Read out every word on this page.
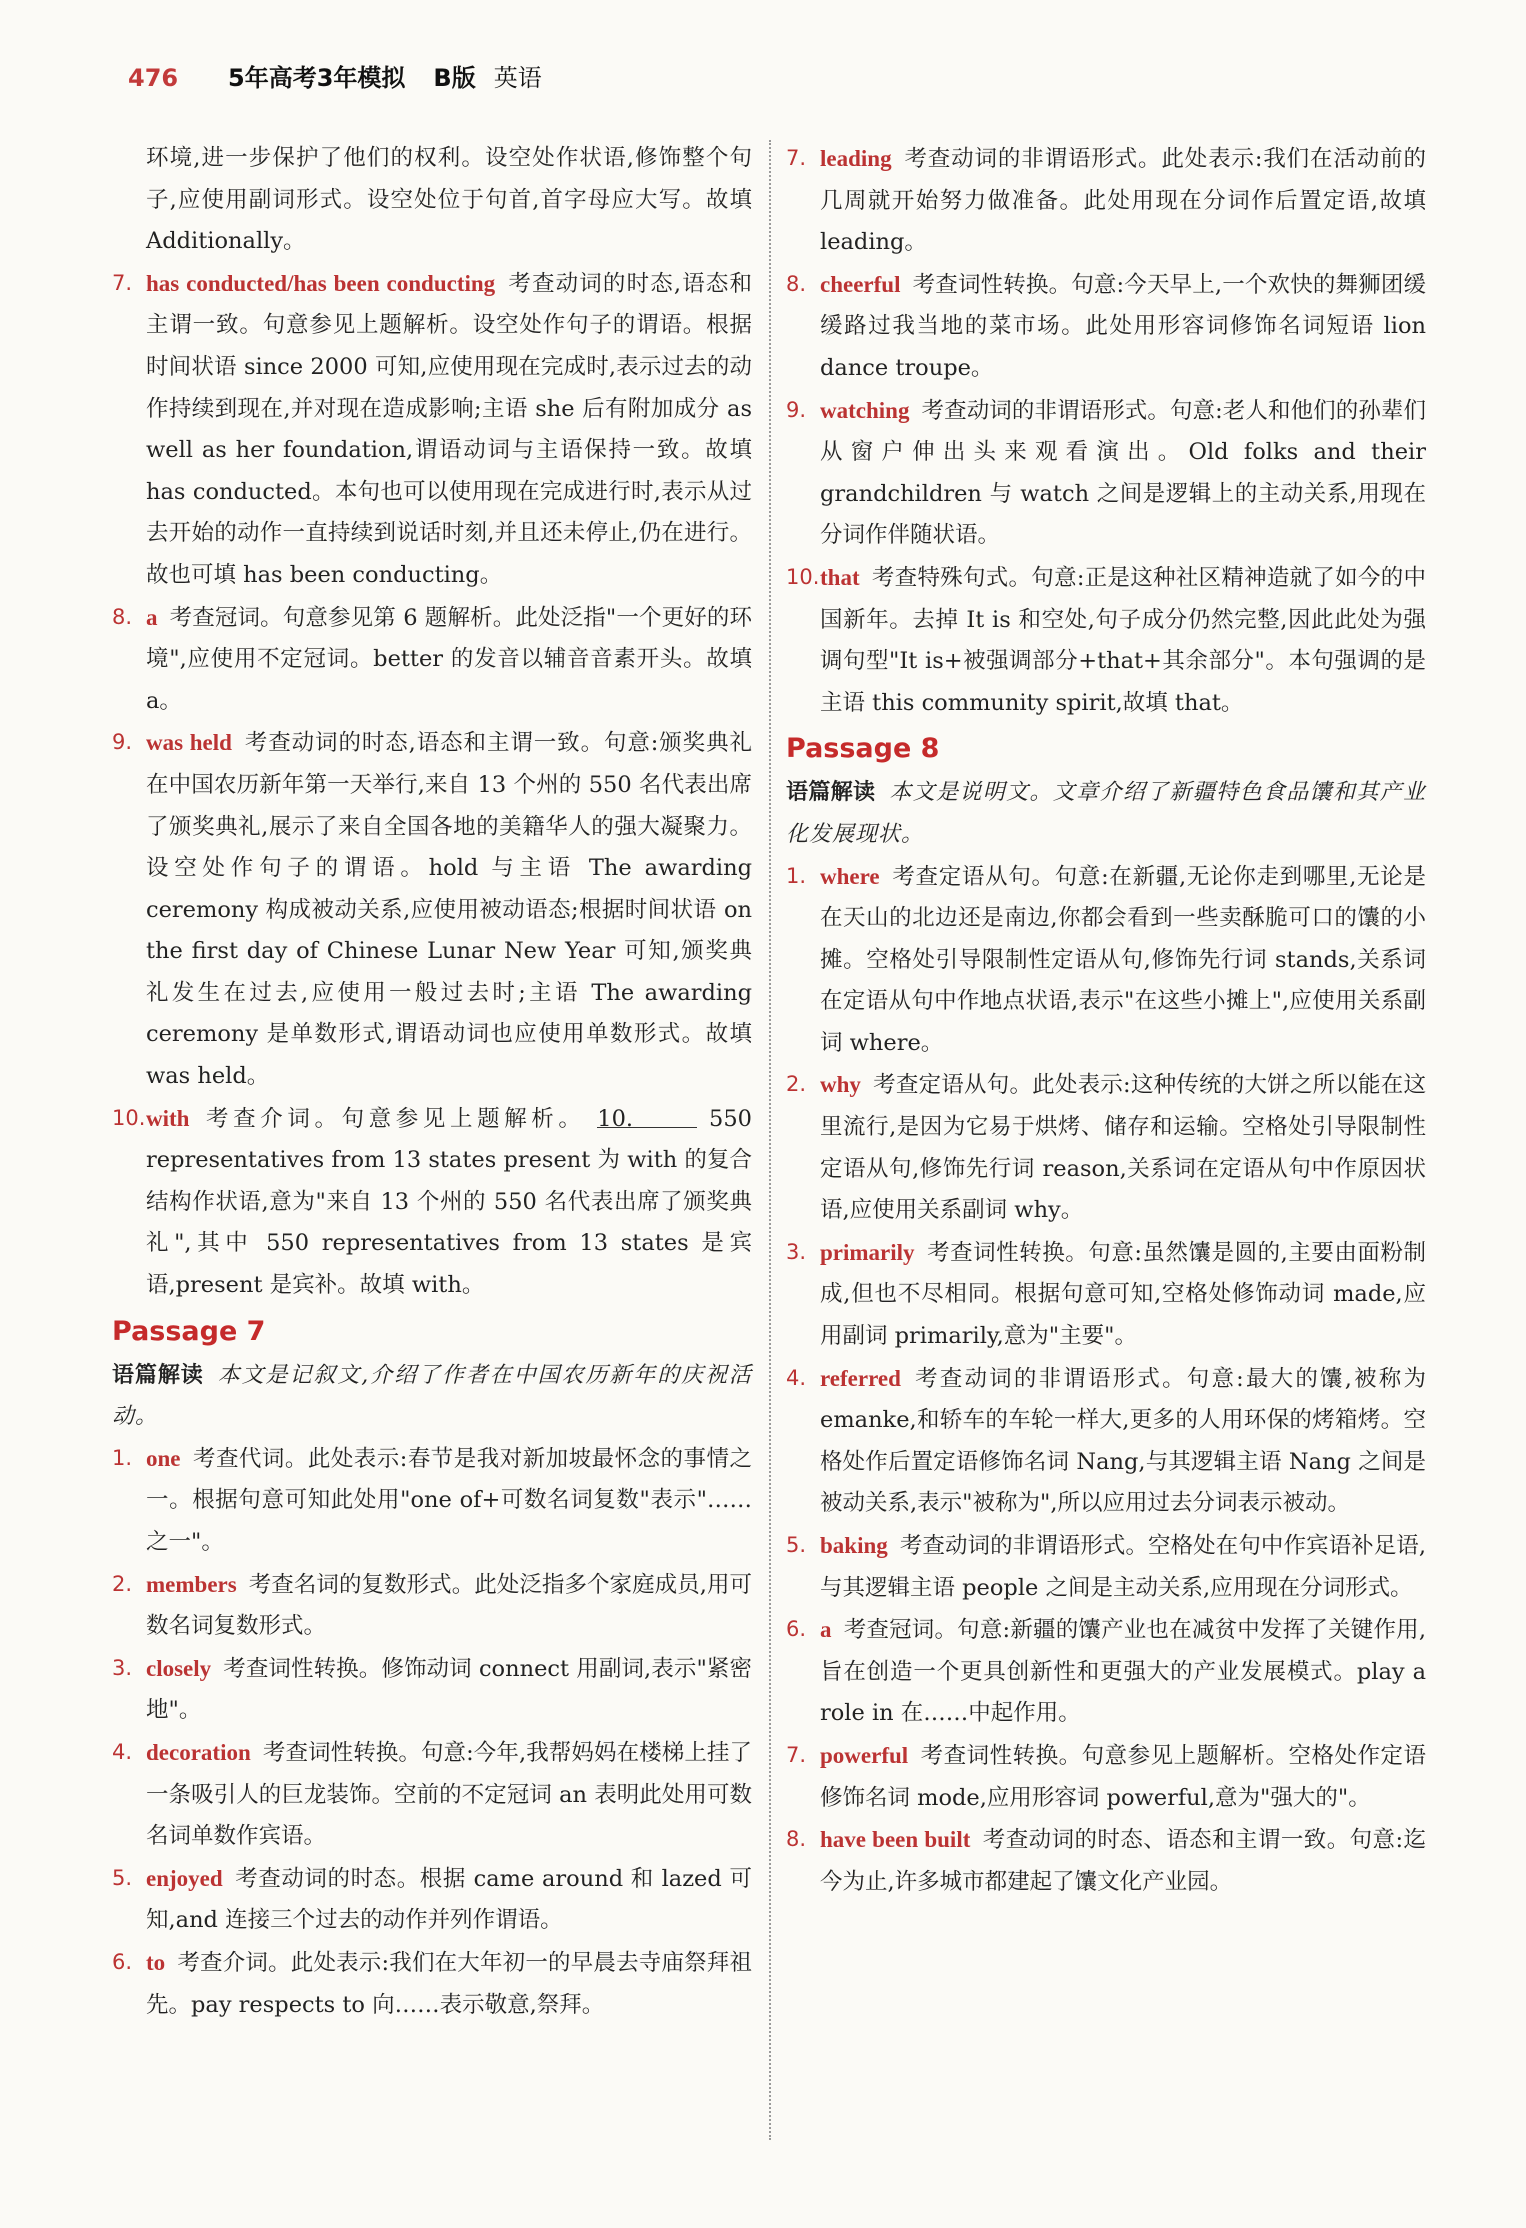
476	5年高考3年模拟 B版 英语
环境,进一步保护了他们的权利。设空处作状语,修饰整个句子,应使用副词形式。设空处位于句首,首字母应大写。故填 Additionally。
7. has conducted/has been conducting 考查动词的时态,语态和主谓一致。句意参见上题解析。设空处作句子的谓语。根据时间状语 since 2000 可知,应使用现在完成时,表示过去的动作持续到现在,并对现在造成影响;主语 she 后有附加成分 as well as her foundation,谓语动词与主语保持一致。故填 has conducted。本句也可以使用现在完成进行时,表示从过去开始的动作一直持续到说话时刻,并且还未停止,仍在进行。故也可填 has been conducting。
8. a 考查冠词。句意参见第 6 题解析。此处泛指"一个更好的环境",应使用不定冠词。better 的发音以辅音音素开头。故填 a。
9. was held 考查动词的时态,语态和主谓一致。句意:颁奖典礼在中国农历新年第一天举行,来自 13 个州的 550 名代表出席了颁奖典礼,展示了来自全国各地的美籍华人的强大凝聚力。设空处作句子的谓语。hold 与主语 The awarding ceremony 构成被动关系,应使用被动语态;根据时间状语 on the first day of Chinese Lunar New Year 可知,颁奖典礼发生在过去,应使用一般过去时;主语 The awarding ceremony 是单数形式,谓语动词也应使用单数形式。故填 was held。
10. with 考查介词。句意参见上题解析。 10.	550 representatives from 13 states present 为 with 的复合结构作状语,意为"来自 13 个州的 550 名代表出席了颁奖典礼",其中 550 representatives from 13 states 是宾语,present 是宾补。故填 with。
Passage 7
语篇解读 本文是记叙文,介绍了作者在中国农历新年的庆祝活动。
1. one 考查代词。此处表示:春节是我对新加坡最怀念的事情之一。根据句意可知此处用"one of+可数名词复数"表示"……之一"。
2. members 考查名词的复数形式。此处泛指多个家庭成员,用可数名词复数形式。
3. closely 考查词性转换。修饰动词 connect 用副词,表示"紧密地"。
4. decoration 考查词性转换。句意:今年,我帮妈妈在楼梯上挂了一条吸引人的巨龙装饰。空前的不定冠词 an 表明此处用可数名词单数作宾语。
5. enjoyed 考查动词的时态。根据 came around 和 lazed 可知,and 连接三个过去的动作并列作谓语。
6. to 考查介词。此处表示:我们在大年初一的早晨去寺庙祭拜祖先。pay respects to 向……表示敬意,祭拜。
7. leading 考查动词的非谓语形式。此处表示:我们在活动前的几周就开始努力做准备。此处用现在分词作后置定语,故填 leading。
8. cheerful 考查词性转换。句意:今天早上,一个欢快的舞狮团缓缓路过我当地的菜市场。此处用形容词修饰名词短语 lion dance troupe。
9. watching 考查动词的非谓语形式。句意:老人和他们的孙辈们从窗户伸出头来观看演出。Old folks and their grandchildren 与 watch 之间是逻辑上的主动关系,用现在分词作伴随状语。
10. that 考查特殊句式。句意:正是这种社区精神造就了如今的中国新年。去掉 It is 和空处,句子成分仍然完整,因此此处为强调句型"It is+被强调部分+that+其余部分"。本句强调的是主语 this community spirit,故填 that。
Passage 8
语篇解读 本文是说明文。文章介绍了新疆特色食品馕和其产业化发展现状。
1. where 考查定语从句。句意:在新疆,无论你走到哪里,无论是在天山的北边还是南边,你都会看到一些卖酥脆可口的馕的小摊。空格处引导限制性定语从句,修饰先行词 stands,关系词在定语从句中作地点状语,表示"在这些小摊上",应使用关系副词 where。
2. why 考查定语从句。此处表示:这种传统的大饼之所以能在这里流行,是因为它易于烘烤、储存和运输。空格处引导限制性定语从句,修饰先行词 reason,关系词在定语从句中作原因状语,应使用关系副词 why。
3. primarily 考查词性转换。句意:虽然馕是圆的,主要由面粉制成,但也不尽相同。根据句意可知,空格处修饰动词 made,应用副词 primarily,意为"主要"。
4. referred 考查动词的非谓语形式。句意:最大的馕,被称为 emanke,和轿车的车轮一样大,更多的人用环保的烤箱烤。空格处作后置定语修饰名词 Nang,与其逻辑主语 Nang 之间是被动关系,表示"被称为",所以应用过去分词表示被动。
5. baking 考查动词的非谓语形式。空格处在句中作宾语补足语,与其逻辑主语 people 之间是主动关系,应用现在分词形式。
6. a 考查冠词。句意:新疆的馕产业也在减贫中发挥了关键作用,旨在创造一个更具创新性和更强大的产业发展模式。play a role in 在……中起作用。
7. powerful 考查词性转换。句意参见上题解析。空格处作定语修饰名词 mode,应用形容词 powerful,意为"强大的"。
8. have been built 考查动词的时态、语态和主谓一致。句意:迄今为止,许多城市都建起了馕文化产业园。
